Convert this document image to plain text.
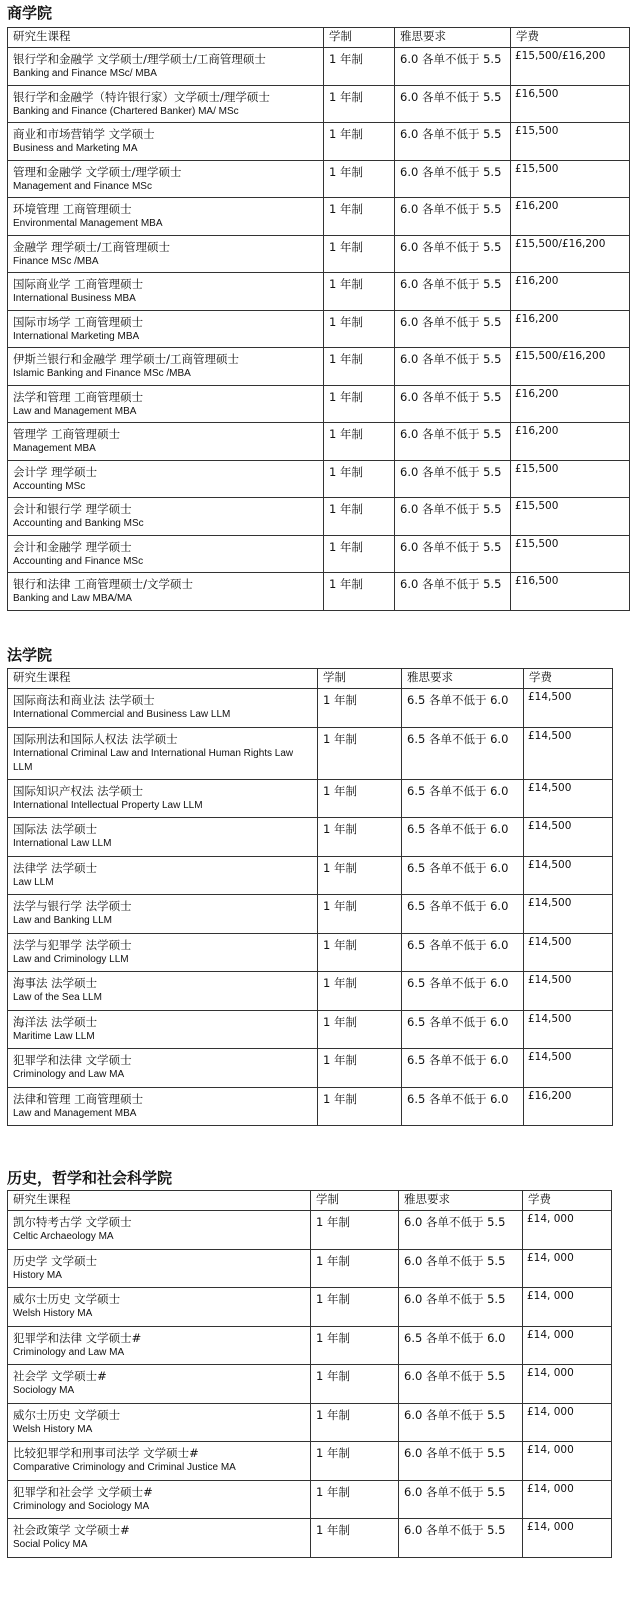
商学院
研究生课程	学制	雅思要求	学费

银行学和金融学 文学硕士/理学硕士/工商管理硕士
Banking and Finance MSc/ MBA	1 年制	6.0 各单不低于 5.5	£15,500/£16,200

银行学和金融学（特许银行家）文学硕士/理学硕士
Banking and Finance (Chartered Banker) MA/ MSc	1 年制	6.0 各单不低于 5.5	£16,500

商业和市场营销学 文学硕士
Business and Marketing MA	1 年制	6.0 各单不低于 5.5	£15,500

管理和金融学 文学硕士/理学硕士
Management and Finance MSc	1 年制	6.0 各单不低于 5.5	£15,500

环境管理 工商管理硕士
Environmental Management MBA	1 年制	6.0 各单不低于 5.5	£16,200

金融学 理学硕士/工商管理硕士
Finance MSc /MBA	1 年制	6.0 各单不低于 5.5	£15,500/£16,200

国际商业学 工商管理硕士
International Business MBA	1 年制	6.0 各单不低于 5.5	£16,200

国际市场学 工商管理硕士
International Marketing MBA	1 年制	6.0 各单不低于 5.5	£16,200

伊斯兰银行和金融学 理学硕士/工商管理硕士
Islamic Banking and Finance MSc /MBA	1 年制	6.0 各单不低于 5.5	£15,500/£16,200

法学和管理 工商管理硕士
Law and Management MBA	1 年制	6.0 各单不低于 5.5	£16,200

管理学 工商管理硕士
Management MBA	1 年制	6.0 各单不低于 5.5	£16,200

会计学 理学硕士
Accounting MSc	1 年制	6.0 各单不低于 5.5	£15,500

会计和银行学 理学硕士
Accounting and Banking MSc	1 年制	6.0 各单不低于 5.5	£15,500

会计和金融学 理学硕士
Accounting and Finance MSc	1 年制	6.0 各单不低于 5.5	£15,500

银行和法律 工商管理硕士/文学硕士
Banking and Law MBA/MA	1 年制	6.0 各单不低于 5.5	£16,500
法学院
研究生课程	学制	雅思要求	学费

国际商法和商业法 法学硕士
International Commercial and Business Law LLM	1 年制	6.5 各单不低于 6.0	£14,500

国际刑法和国际人权法 法学硕士
International Criminal Law and International Human Rights Law LLM	1 年制	6.5 各单不低于 6.0	£14,500

国际知识产权法 法学硕士
International Intellectual Property Law LLM	1 年制	6.5 各单不低于 6.0	£14,500

国际法 法学硕士
International Law LLM	1 年制	6.5 各单不低于 6.0	£14,500

法律学 法学硕士
Law LLM	1 年制	6.5 各单不低于 6.0	£14,500

法学与银行学 法学硕士
Law and Banking LLM	1 年制	6.5 各单不低于 6.0	£14,500

法学与犯罪学 法学硕士
Law and Criminology LLM	1 年制	6.5 各单不低于 6.0	£14,500

海事法 法学硕士
Law of the Sea LLM	1 年制	6.5 各单不低于 6.0	£14,500

海洋法 法学硕士
Maritime Law LLM	1 年制	6.5 各单不低于 6.0	£14,500

犯罪学和法律 文学硕士
Criminology and Law MA	1 年制	6.5 各单不低于 6.0	£14,500

法律和管理 工商管理硕士
Law and Management MBA	1 年制	6.5 各单不低于 6.0	£16,200
历史，哲学和社会科学院
研究生课程	学制	雅思要求	学费

凯尔特考古学 文学硕士
Celtic Archaeology MA	1 年制	6.0 各单不低于 5.5	£14, 000

历史学 文学硕士
History MA	1 年制	6.0 各单不低于 5.5	£14, 000

威尔士历史 文学硕士
Welsh History MA	1 年制	6.0 各单不低于 5.5	£14, 000

犯罪学和法律 文学硕士#
Criminology and Law MA	1 年制	6.5 各单不低于 6.0	£14, 000

社会学 文学硕士#
Sociology MA	1 年制	6.0 各单不低于 5.5	£14, 000

威尔士历史 文学硕士
Welsh History MA	1 年制	6.0 各单不低于 5.5	£14, 000

比较犯罪学和刑事司法学 文学硕士#
Comparative Criminology and Criminal Justice MA	1 年制	6.0 各单不低于 5.5	£14, 000

犯罪学和社会学 文学硕士#
Criminology and Sociology MA	1 年制	6.0 各单不低于 5.5	£14, 000

社会政策学 文学硕士#
Social Policy MA	1 年制	6.0 各单不低于 5.5	£14, 000
